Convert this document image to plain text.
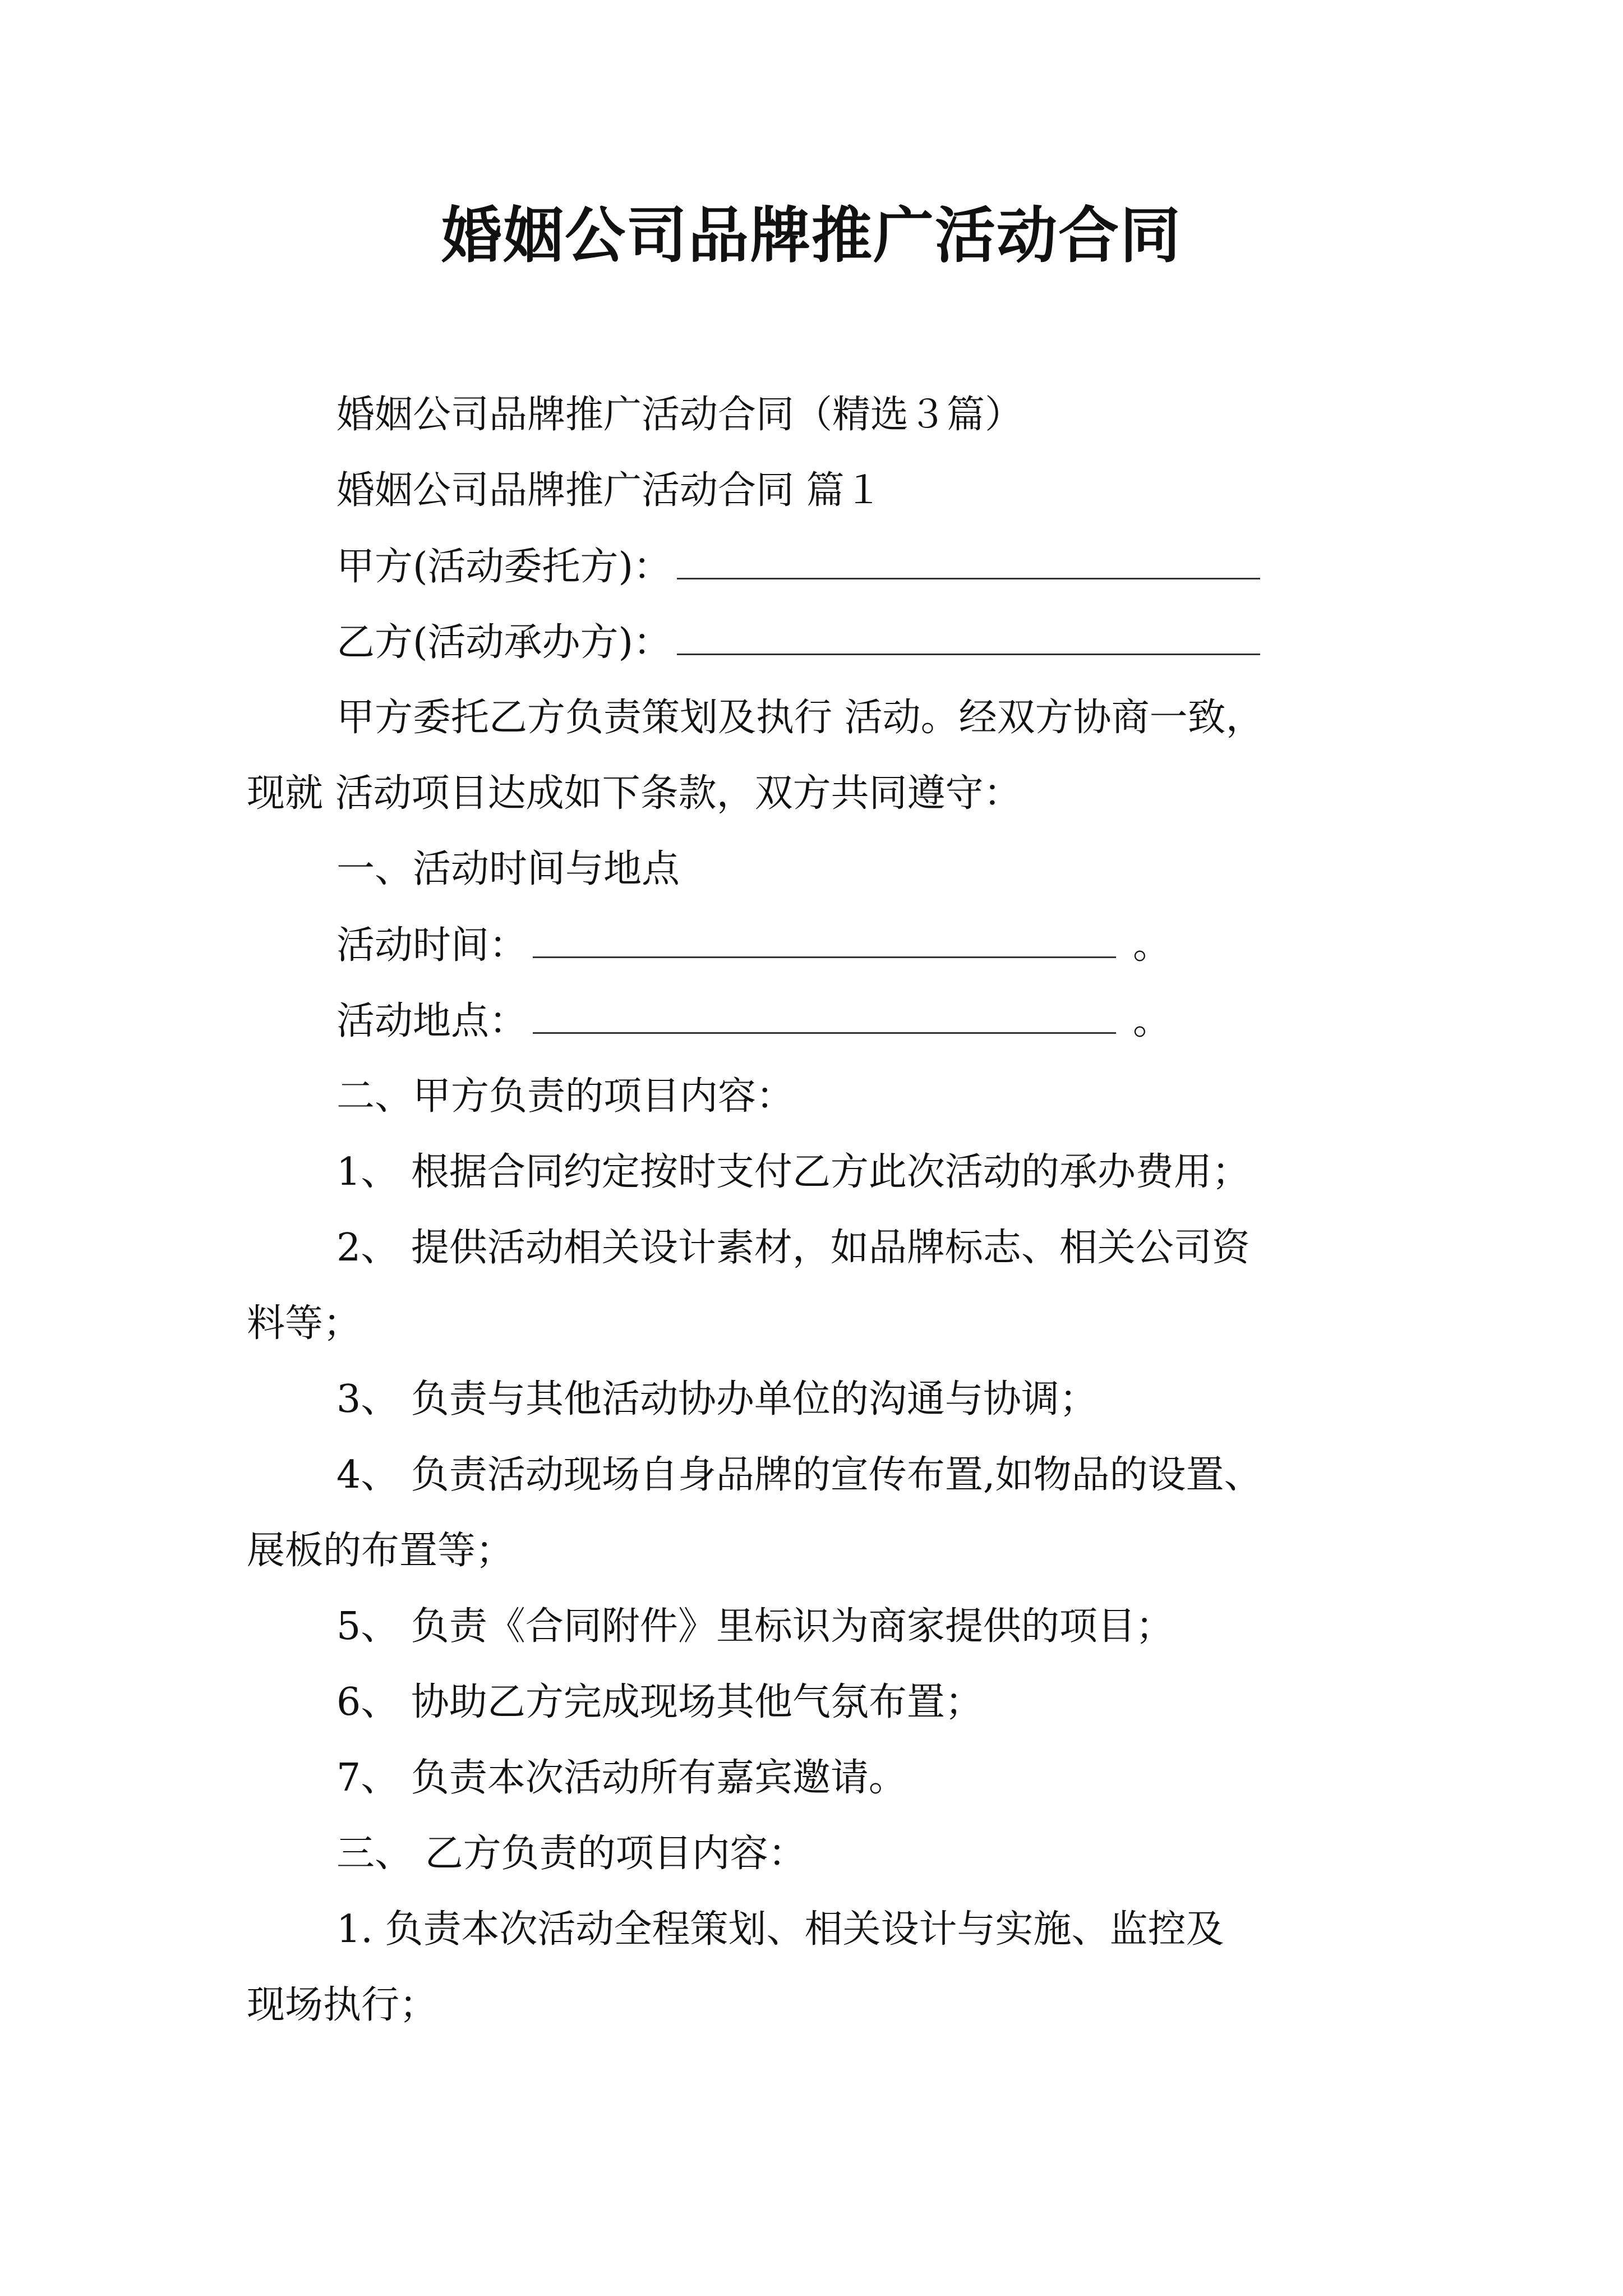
婚姻公司品牌推广活动合同
婚姻公司品牌推广活动合同（精选３篇）
婚姻公司品牌推广活动合同 篇１
甲方(活动委托方)：
乙方(活动承办方)：
甲方委托乙方负责策划及执行 活动。经双方协商一致，
现就 活动项目达成如下条款，双方共同遵守：
一、活动时间与地点
活动时间：	。
活动地点：	。
二、甲方负责的项目内容：
1、 根据合同约定按时支付乙方此次活动的承办费用；
2、 提供活动相关设计素材，如品牌标志、相关公司资
料等；
3、 负责与其他活动协办单位的沟通与协调；
4、 负责活动现场自身品牌的宣传布置,如物品的设置、
展板的布置等；
5、 负责《合同附件》里标识为商家提供的项目；
6、 协助乙方完成现场其他气氛布置；
7、 负责本次活动所有嘉宾邀请。
三、 乙方负责的项目内容：
1. 负责本次活动全程策划、相关设计与实施、监控及
现场执行；
